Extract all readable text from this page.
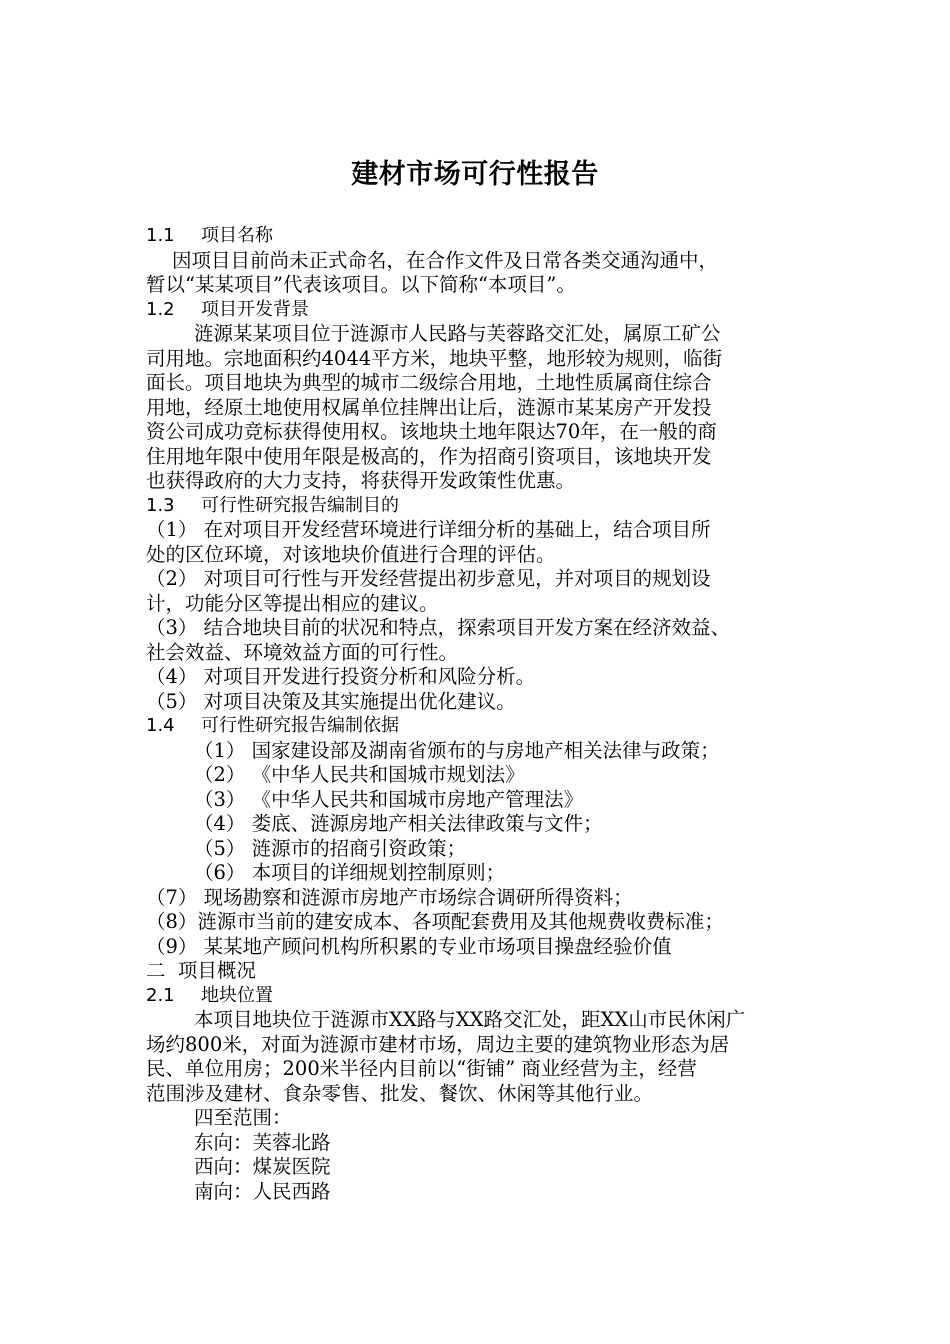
建材市场可行性报告
1.1 项目名称
因项目目前尚未正式命名，在合作文件及日常各类交通沟通中，
暂以“某某项目”代表该项目。以下简称“本项目”。
1.2 项目开发背景
涟源某某项目位于涟源市人民路与芙蓉路交汇处，属原工矿公
司用地。宗地面积约4044平方米，地块平整，地形较为规则，临街
面长。项目地块为典型的城市二级综合用地，土地性质属商住综合
用地，经原土地使用权属单位挂牌出让后，涟源市某某房产开发投
资公司成功竞标获得使用权。该地块土地年限达70年，在一般的商
住用地年限中使用年限是极高的，作为招商引资项目，该地块开发
也获得政府的大力支持，将获得开发政策性优惠。
1.3 可行性研究报告编制目的
（1） 在对项目开发经营环境进行详细分析的基础上，结合项目所
处的区位环境，对该地块价值进行合理的评估。
（2） 对项目可行性与开发经营提出初步意见，并对项目的规划设
计，功能分区等提出相应的建议。
（3） 结合地块目前的状况和特点，探索项目开发方案在经济效益、
社会效益、环境效益方面的可行性。
（4） 对项目开发进行投资分析和风险分析。
（5） 对项目决策及其实施提出优化建议。
1.4 可行性研究报告编制依据
（1） 国家建设部及湖南省颁布的与房地产相关法律与政策；
（2） 《中华人民共和国城市规划法》
（3） 《中华人民共和国城市房地产管理法》
（4） 娄底、涟源房地产相关法律政策与文件；
（5） 涟源市的招商引资政策；
（6） 本项目的详细规划控制原则；
（7） 现场勘察和涟源市房地产市场综合调研所得资料；
（8）涟源市当前的建安成本、各项配套费用及其他规费收费标准；
（9） 某某地产顾问机构所积累的专业市场项目操盘经验价值
二 项目概况
2.1 地块位置
本项目地块位于涟源市XX路与XX路交汇处，距XX山市民休闲广
场约800米，对面为涟源市建材市场，周边主要的建筑物业形态为居
民、单位用房；200米半径内目前以“街铺” 商业经营为主，经营
范围涉及建材、食杂零售、批发、餐饮、休闲等其他行业。
四至范围：
东向：芙蓉北路
西向：煤炭医院
南向：人民西路
